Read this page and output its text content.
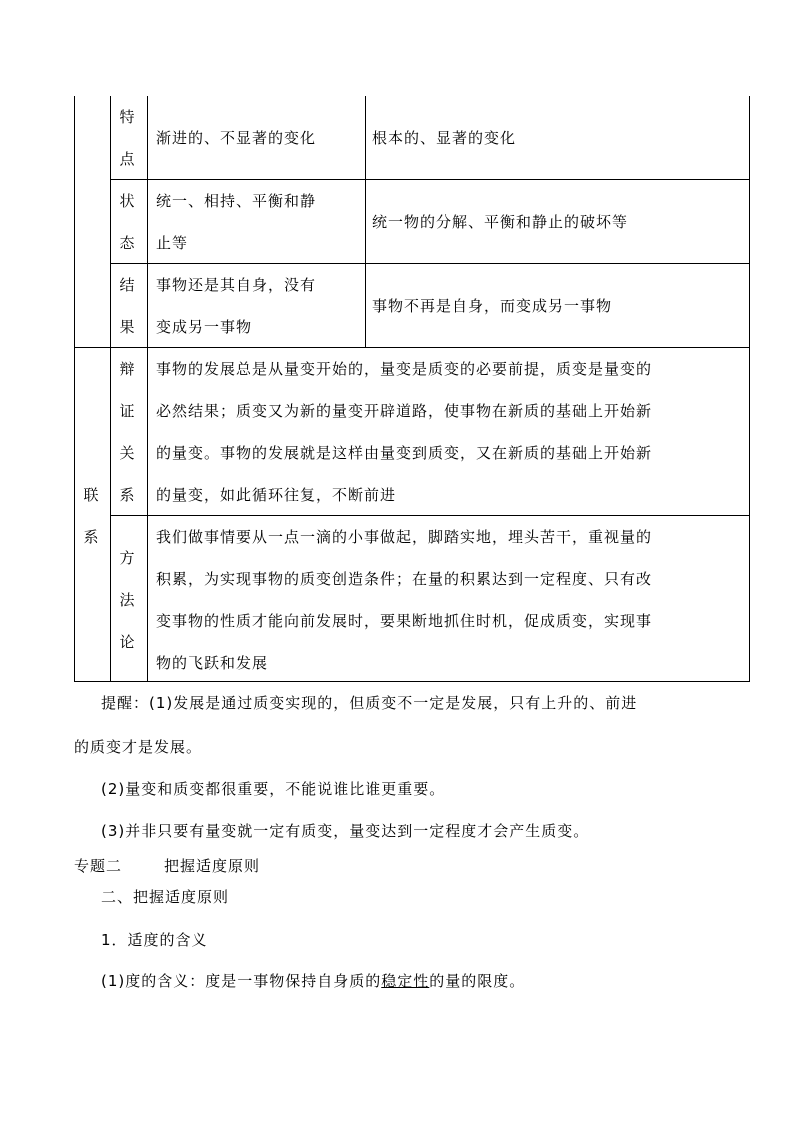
特
点
渐进的、不显著的变化	根本的、显著的变化
状
态
统一、相持、平衡和静
止等
统一物的分解、平衡和静止的破坏等
结
果
事物还是其自身，没有
变成另一事物
事物不再是自身，而变成另一事物
联
系
辩
证
关
系
事物的发展总是从量变开始的，量变是质变的必要前提，质变是量变的
必然结果；质变又为新的量变开辟道路，使事物在新质的基础上开始新
的量变。事物的发展就是这样由量变到质变，又在新质的基础上开始新
的量变，如此循环往复，不断前进
方
法
论
我们做事情要从一点一滴的小事做起，脚踏实地，埋头苦干，重视量的
积累，为实现事物的质变创造条件；在量的积累达到一定程度、只有改
变事物的性质才能向前发展时，要果断地抓住时机，促成质变，实现事
物的飞跃和发展
提醒：(1)发展是通过质变实现的，但质变不一定是发展，只有上升的、前进
的质变才是发展。
(2)量变和质变都很重要，不能说谁比谁更重要。
(3)并非只要有量变就一定有质变，量变达到一定程度才会产生质变。
专题二	把握适度原则
二、把握适度原则
1．适度的含义
(1)度的含义：度是一事物保持自身质的稳定性的量的限度。
